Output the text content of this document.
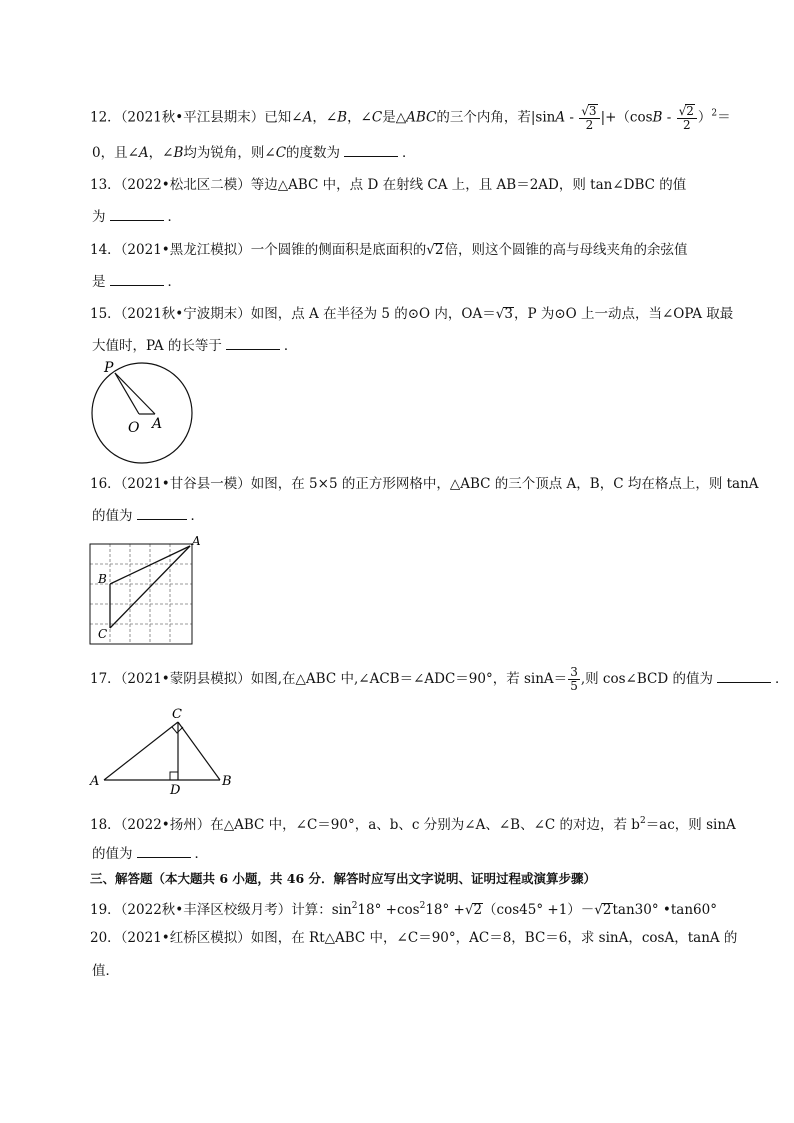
12．（2021秋•平江县期末）已知∠A，∠B，∠C是△ABC的三个内角，若$|\sin A - \frac{√3}{2} |+(\cos B - \frac{√2}{2} )^2=$
0，且∠A，∠B均为锐角，则∠C的度数为	．
13．（2022•松北区二模）等边△ABC 中，点 D 在射线 CA 上，且 AB＝2AD，则 tan∠DBC 的值
为	．
14．（2021•黑龙江模拟）一个圆锥的侧面积是底面积的√2倍，则这个圆锥的高与母线夹角的余弦值
是	．
15．（2021秋•宁波期末）如图，点 A 在半径为 5 的⊙O 内，OA＝√3，P 为⊙O 上一动点，当∠OPA 取最
大值时，PA 的长等于	．
P
O A
16．（2021•甘谷县一模）如图，在 5×5 的正方形网格中，△ABC 的三个顶点 A，B，C 均在格点上，则 tanA
的值为	．
A
B
C
17．（2021•蒙阴县模拟）如图,在△ABC 中,∠ACB＝∠ADC＝90°，若 $\sin A= \frac{3}{5}$ ,则 cos∠BCD 的值为	．
C
A	B
D
18．（2022•扬州）在△ABC 中，∠C＝90°，a、b、c 分别为∠A、∠B、∠C 的对边，若 $b^2=ac$，则 sinA
的值为	．
三、解答题（本大题共 6 小题，共 46 分．解答时应写出文字说明、证明过程或演算步骤）
19．（2022秋•丰泽区校级月考）计算：$\sin^218^\circ +\cos^218^\circ +√2(\cos 45^\circ +1)-√2\tan 30^\circ$ •tan60°
20．（2021•红桥区模拟）如图，在 Rt△ABC 中，∠C＝90°，AC＝8，BC＝6，求 sinA，cosA，tanA 的
值．
